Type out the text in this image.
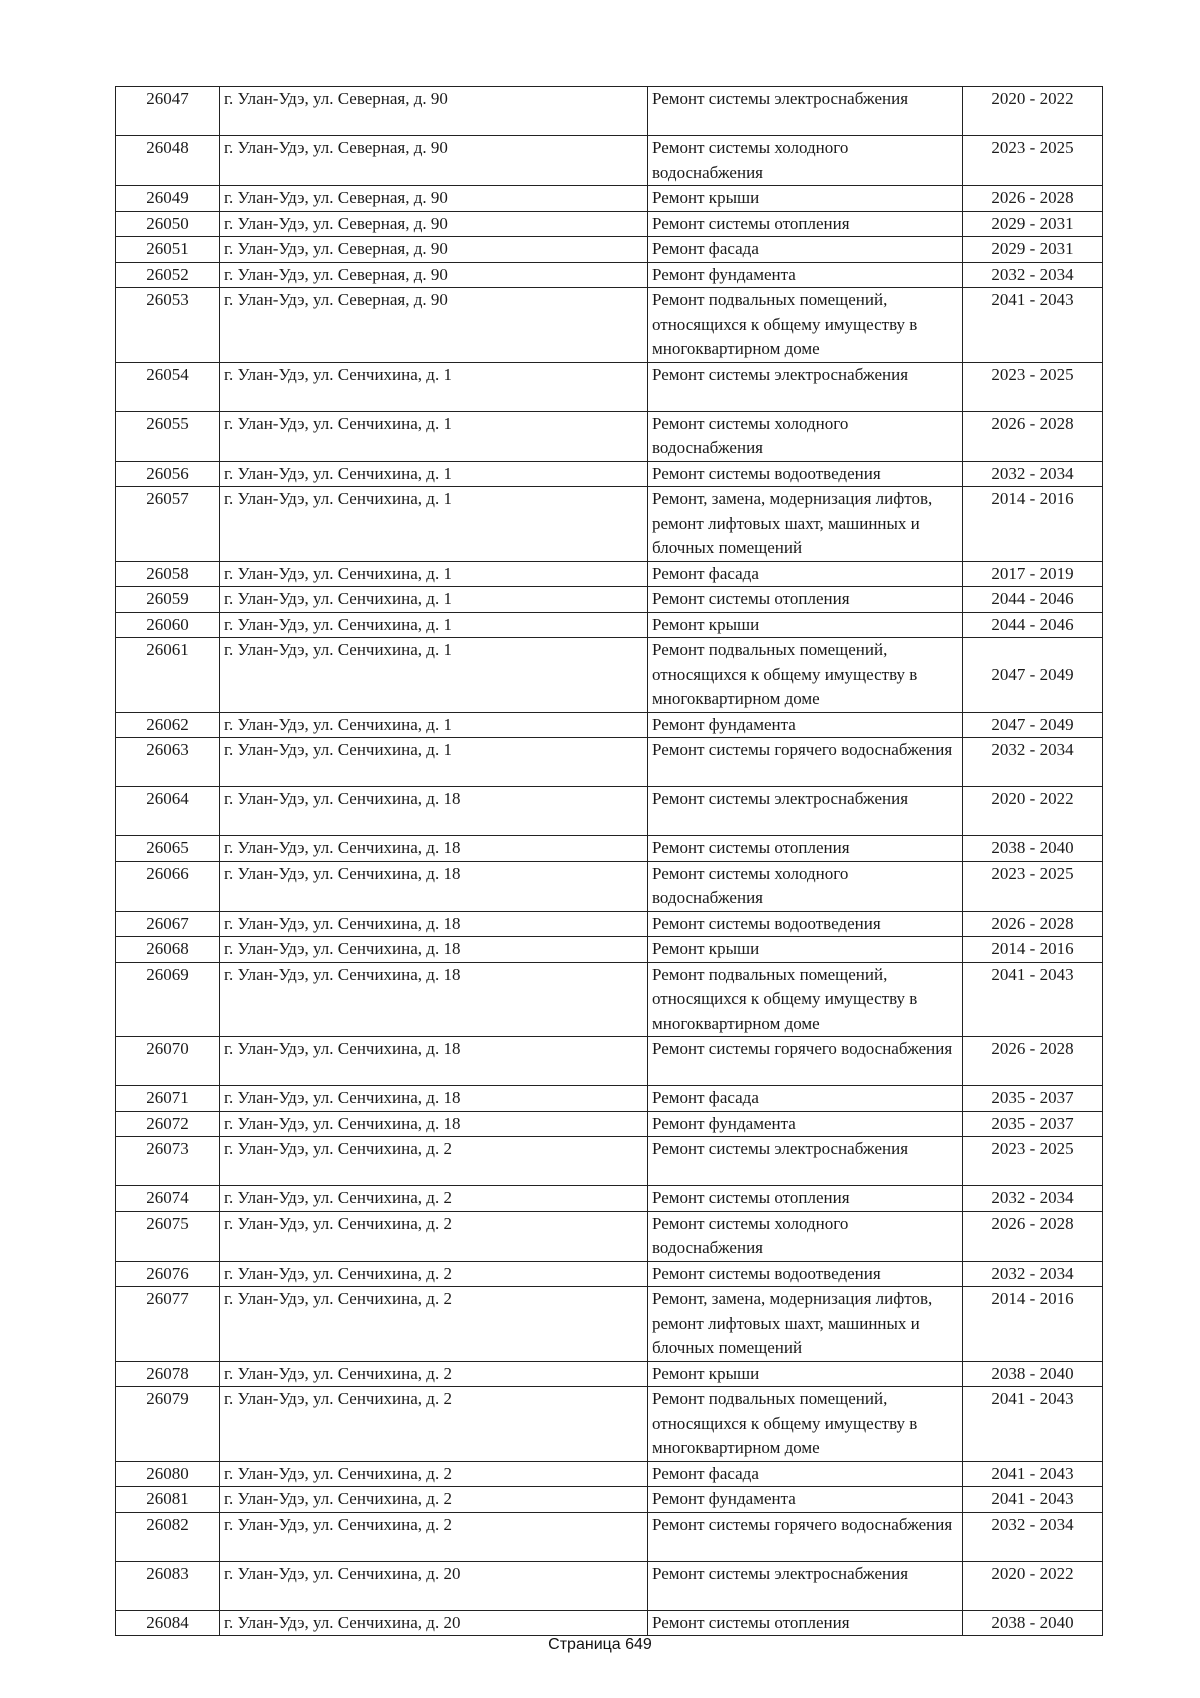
26047	г. Улан-Удэ, ул. Северная, д. 90	Ремонт системы электроснабжения	2020 - 2022
26048	г. Улан-Удэ, ул. Северная, д. 90	Ремонт системы холодного водоснабжения	2023 - 2025
26049	г. Улан-Удэ, ул. Северная, д. 90	Ремонт крыши	2026 - 2028
26050	г. Улан-Удэ, ул. Северная, д. 90	Ремонт системы отопления	2029 - 2031
26051	г. Улан-Удэ, ул. Северная, д. 90	Ремонт фасада	2029 - 2031
26052	г. Улан-Удэ, ул. Северная, д. 90	Ремонт фундамента	2032 - 2034
26053	г. Улан-Удэ, ул. Северная, д. 90	Ремонт подвальных помещений, относящихся к общему имуществу в многоквартирном доме	2041 - 2043
26054	г. Улан-Удэ, ул. Сенчихина, д. 1	Ремонт системы электроснабжения	2023 - 2025
26055	г. Улан-Удэ, ул. Сенчихина, д. 1	Ремонт системы холодного водоснабжения	2026 - 2028
26056	г. Улан-Удэ, ул. Сенчихина, д. 1	Ремонт системы водоотведения	2032 - 2034
26057	г. Улан-Удэ, ул. Сенчихина, д. 1	Ремонт, замена, модернизация лифтов, ремонт лифтовых шахт, машинных и блочных помещений	2014 - 2016
26058	г. Улан-Удэ, ул. Сенчихина, д. 1	Ремонт фасада	2017 - 2019
26059	г. Улан-Удэ, ул. Сенчихина, д. 1	Ремонт системы отопления	2044 - 2046
26060	г. Улан-Удэ, ул. Сенчихина, д. 1	Ремонт крыши	2044 - 2046
26061	г. Улан-Удэ, ул. Сенчихина, д. 1	Ремонт подвальных помещений, относящихся к общему имуществу в многоквартирном доме	2047 - 2049
26062	г. Улан-Удэ, ул. Сенчихина, д. 1	Ремонт фундамента	2047 - 2049
26063	г. Улан-Удэ, ул. Сенчихина, д. 1	Ремонт системы горячего водоснабжения	2032 - 2034
26064	г. Улан-Удэ, ул. Сенчихина, д. 18	Ремонт системы электроснабжения	2020 - 2022
26065	г. Улан-Удэ, ул. Сенчихина, д. 18	Ремонт системы отопления	2038 - 2040
26066	г. Улан-Удэ, ул. Сенчихина, д. 18	Ремонт системы холодного водоснабжения	2023 - 2025
26067	г. Улан-Удэ, ул. Сенчихина, д. 18	Ремонт системы водоотведения	2026 - 2028
26068	г. Улан-Удэ, ул. Сенчихина, д. 18	Ремонт крыши	2014 - 2016
26069	г. Улан-Удэ, ул. Сенчихина, д. 18	Ремонт подвальных помещений, относящихся к общему имуществу в многоквартирном доме	2041 - 2043
26070	г. Улан-Удэ, ул. Сенчихина, д. 18	Ремонт системы горячего водоснабжения	2026 - 2028
26071	г. Улан-Удэ, ул. Сенчихина, д. 18	Ремонт фасада	2035 - 2037
26072	г. Улан-Удэ, ул. Сенчихина, д. 18	Ремонт фундамента	2035 - 2037
26073	г. Улан-Удэ, ул. Сенчихина, д. 2	Ремонт системы электроснабжения	2023 - 2025
26074	г. Улан-Удэ, ул. Сенчихина, д. 2	Ремонт системы отопления	2032 - 2034
26075	г. Улан-Удэ, ул. Сенчихина, д. 2	Ремонт системы холодного водоснабжения	2026 - 2028
26076	г. Улан-Удэ, ул. Сенчихина, д. 2	Ремонт системы водоотведения	2032 - 2034
26077	г. Улан-Удэ, ул. Сенчихина, д. 2	Ремонт, замена, модернизация лифтов, ремонт лифтовых шахт, машинных и блочных помещений	2014 - 2016
26078	г. Улан-Удэ, ул. Сенчихина, д. 2	Ремонт крыши	2038 - 2040
26079	г. Улан-Удэ, ул. Сенчихина, д. 2	Ремонт подвальных помещений, относящихся к общему имуществу в многоквартирном доме	2041 - 2043
26080	г. Улан-Удэ, ул. Сенчихина, д. 2	Ремонт фасада	2041 - 2043
26081	г. Улан-Удэ, ул. Сенчихина, д. 2	Ремонт фундамента	2041 - 2043
26082	г. Улан-Удэ, ул. Сенчихина, д. 2	Ремонт системы горячего водоснабжения	2032 - 2034
26083	г. Улан-Удэ, ул. Сенчихина, д. 20	Ремонт системы электроснабжения	2020 - 2022
26084	г. Улан-Удэ, ул. Сенчихина, д. 20	Ремонт системы отопления	2038 - 2040
Страница 649
